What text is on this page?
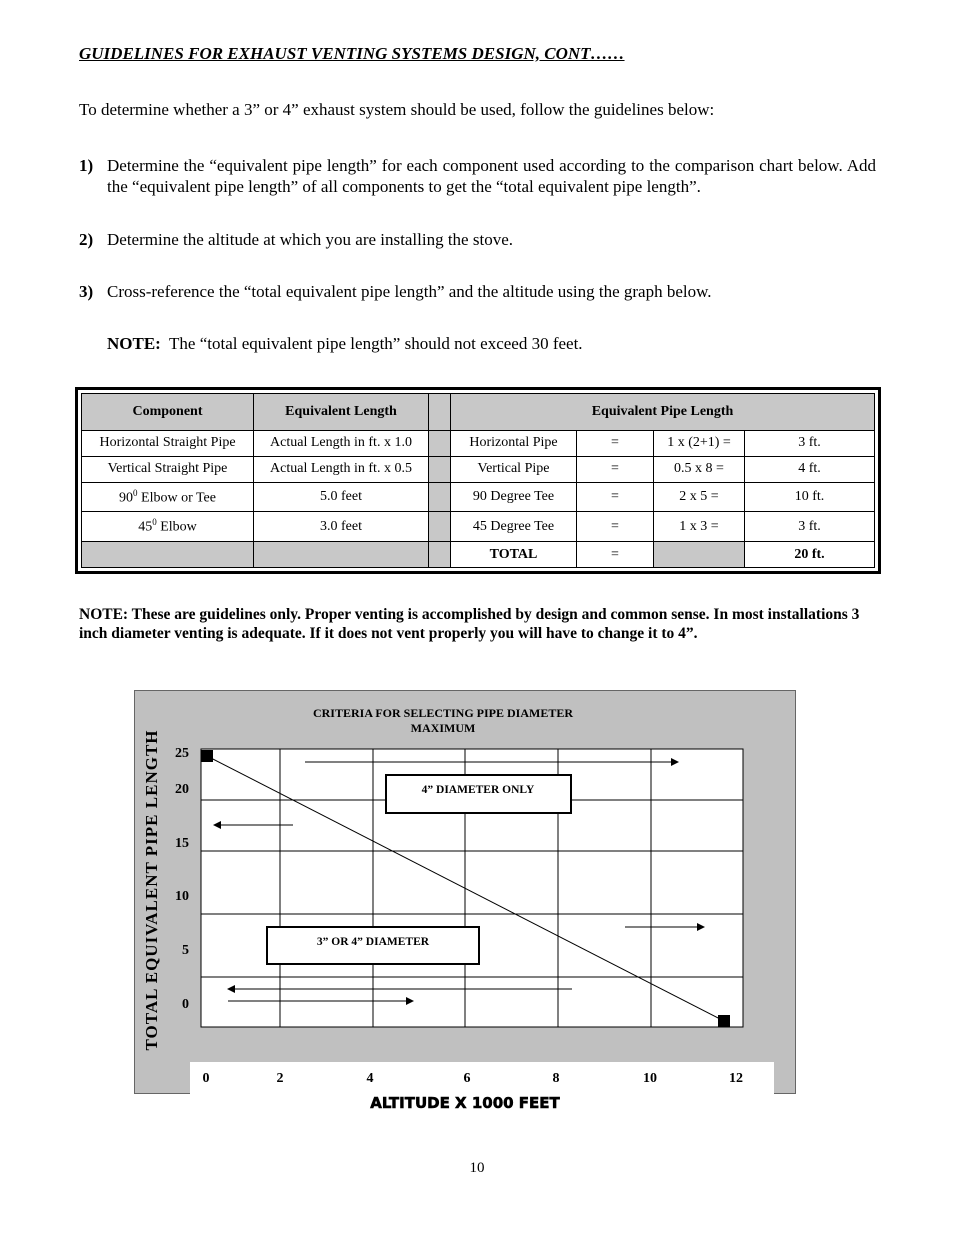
GUIDELINES FOR EXHAUST VENTING SYSTEMS DESIGN, CONT……
To determine whether a 3” or 4” exhaust system should be used, follow the guidelines below:
1) Determine the “equivalent pipe length” for each component used according to the comparison chart below. Add the “equivalent pipe length” of all components to get the “total equivalent pipe length”.
2) Determine the altitude at which you are installing the stove.
3) Cross-reference the “total equivalent pipe length” and the altitude using the graph below.
NOTE:  The “total equivalent pipe length” should not exceed 30 feet.
Component	Equivalent Length		Equivalent Pipe Length			
Horizontal Straight Pipe	Actual Length in ft. x 1.0		Horizontal Pipe	=	1 x (2+1) =	3 ft.
Vertical Straight Pipe	Actual Length in ft. x 0.5		Vertical Pipe	=	0.5 x 8 =	4 ft.
$90^0$ Elbow or Tee	5.0 feet		90 Degree Tee	=	2 x 5 =	10 ft.
$45^0$ Elbow	3.0 feet		45 Degree Tee	=	1 x 3 =	3 ft.
			TOTAL	=		20 ft.
NOTE: These are guidelines only. Proper venting is accomplished by design and common sense. In most installations 3 inch diameter venting is adequate. If it does not vent properly you will have to change it to 4”.
CRITERIA FOR SELECTING PIPE DIAMETER
MAXIMUM
TOTAL EQUIVALENT PIPE LENGTH 25
20
15
10
5
0
0	2	4	6	8	10	12
4” DIAMETER ONLY
3” OR 4” DIAMETER
ALTITUDE X 1000 FEET
10
